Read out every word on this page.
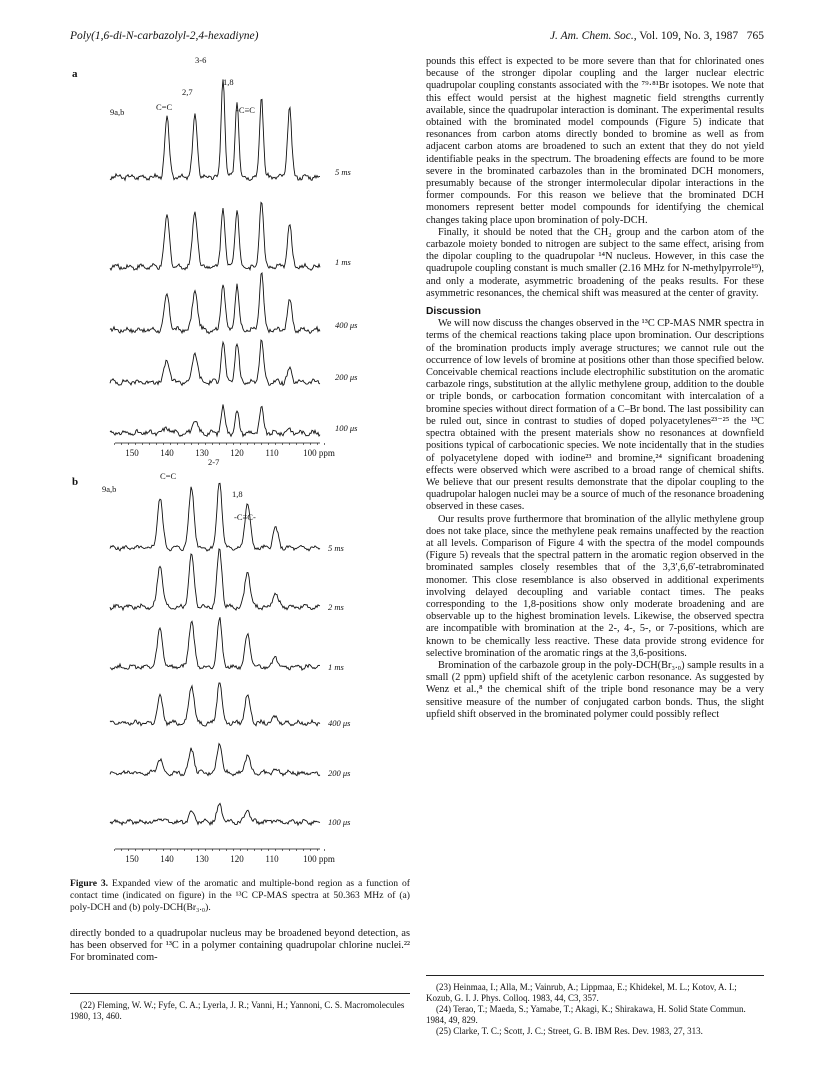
Poly(1,6-di-N-carbazolyl-2,4-hexadiyne)	J. Am. Chem. Soc., Vol. 109, No. 3, 1987 765
a
3-6
2,7
1,8
9a,b	C=C	-C≡C
5 ms
1 ms
400 μs
200 μs
100 μs
150 140 130 120 110	100 ppm
b
2-7
C=C
9a,b	1,8
-C≡C-
5 ms
2 ms
1 ms
400 μs
200 μs
100 μs
150 140 130 120 110	100 ppm
Figure 3. Expanded view of the aromatic and multiple-bond region as a function of contact time (indicated on figure) in the ¹³C CP-MAS spectra at 50.363 MHz of (a) poly-DCH and (b) poly-DCH(Br₃.₀).

directly bonded to a quadrupolar nucleus may be broadened beyond detection, as has been observed for ¹³C in a polymer containing quadrupolar chlorine nuclei.²² For brominated com-

(22) Fleming, W. W.; Fyfe, C. A.; Lyerla, J. R.; Vanni, H.; Yannoni, C. S. Macromolecules 1980, 13, 460.

pounds this effect is expected to be more severe than that for chlorinated ones because of the stronger dipolar coupling and the larger nuclear electric quadrupolar coupling constants associated with the ⁷⁹·⁸¹Br isotopes. We note that this effect would persist at the highest magnetic field strengths currently available, since the quadrupolar interaction is dominant. The experimental results obtained with the brominated model compounds (Figure 5) indicate that resonances from carbon atoms directly bonded to bromine as well as from adjacent carbon atoms are broadened to such an extent that they do not yield identifiable peaks in the spectrum. The broadening effects are found to be more severe in the brominated carbazoles than in the brominated DCH monomers, presumably because of the stronger intermolecular dipolar interactions in the former compounds. For this reason we believe that the brominated DCH monomers represent better model compounds for identifying the chemical changes taking place upon bromination of poly-DCH.

Finally, it should be noted that the CH₂ group and the carbon atom of the carbazole moiety bonded to nitrogen are subject to the same effect, arising from the dipolar coupling to the quadrupolar ¹⁴N nucleus. However, in this case the quadrupole coupling constant is much smaller (2.16 MHz for N-methylpyrrole¹⁹), and only a moderate, asymmetric broadening of the peaks results. For these asymmetric resonances, the chemical shift was measured at the center of gravity.

Discussion

We will now discuss the changes observed in the ¹³C CP-MAS NMR spectra in terms of the chemical reactions taking place upon bromination. Our descriptions of the bromination products imply average structures; we cannot rule out the occurrence of low levels of bromine at positions other than those specified below. Conceivable chemical reactions include electrophilic substitution on the aromatic carbazole rings, substitution at the allylic methylene group, addition to the double or triple bonds, or carbocation formation concomitant with intercalation of a bromine species without direct formation of a C–Br bond. The last possibility can be ruled out, since in contrast to studies of doped polyacetylenes²³⁻²⁵ the ¹³C spectra obtained with the present materials show no resonances at downfield positions typical of carbocationic species. We note incidentally that in the studies of polyacetylene doped with iodine²³ and bromine,²⁴ significant broadening effects were observed which were ascribed to a broad range of chemical shifts. We believe that our present results demonstrate that the dipolar coupling to the quadrupolar halogen nuclei may be a source of much of the resonance broadening observed in these cases.

Our results prove furthermore that bromination of the allylic methylene group does not take place, since the methylene peak remains unaffected by the reaction at all levels. Comparison of Figure 4 with the spectra of the model compounds (Figure 5) reveals that the spectral pattern in the aromatic region observed in the brominated samples closely resembles that of the 3,3′,6,6′-tetrabrominated monomer. This close resemblance is also observed in additional experiments involving delayed decoupling and variable contact times. The peaks corresponding to the 1,8-positions show only moderate broadening and are observable up to the highest bromination levels. Likewise, the observed spectra are incompatible with bromination at the 2-, 4-, 5-, or 7-positions, which are known to be chemically less reactive. These data provide strong evidence for selective bromination of the aromatic rings at the 3,6-positions.

Bromination of the carbazole group in the poly-DCH(Br₃.₀) sample results in a small (2 ppm) upfield shift of the acetylenic carbon resonance. As suggested by Wenz et al.,⁸ the chemical shift of the triple bond resonance may be a very sensitive measure of the number of conjugated carbon bonds. Thus, the slight upfield shift observed in the brominated polymer could possibly reflect

(23) Heinmaa, I.; Alla, M.; Vainrub, A.; Lippmaa, E.; Khidekel, M. L.; Kotov, A. I.; Kozub, G. I. J. Phys. Colloq. 1983, 44, C3, 357.
(24) Terao, T.; Maeda, S.; Yamabe, T.; Akagi, K.; Shirakawa, H. Solid State Commun. 1984, 49, 829.
(25) Clarke, T. C.; Scott, J. C.; Street, G. B. IBM Res. Dev. 1983, 27, 313.
